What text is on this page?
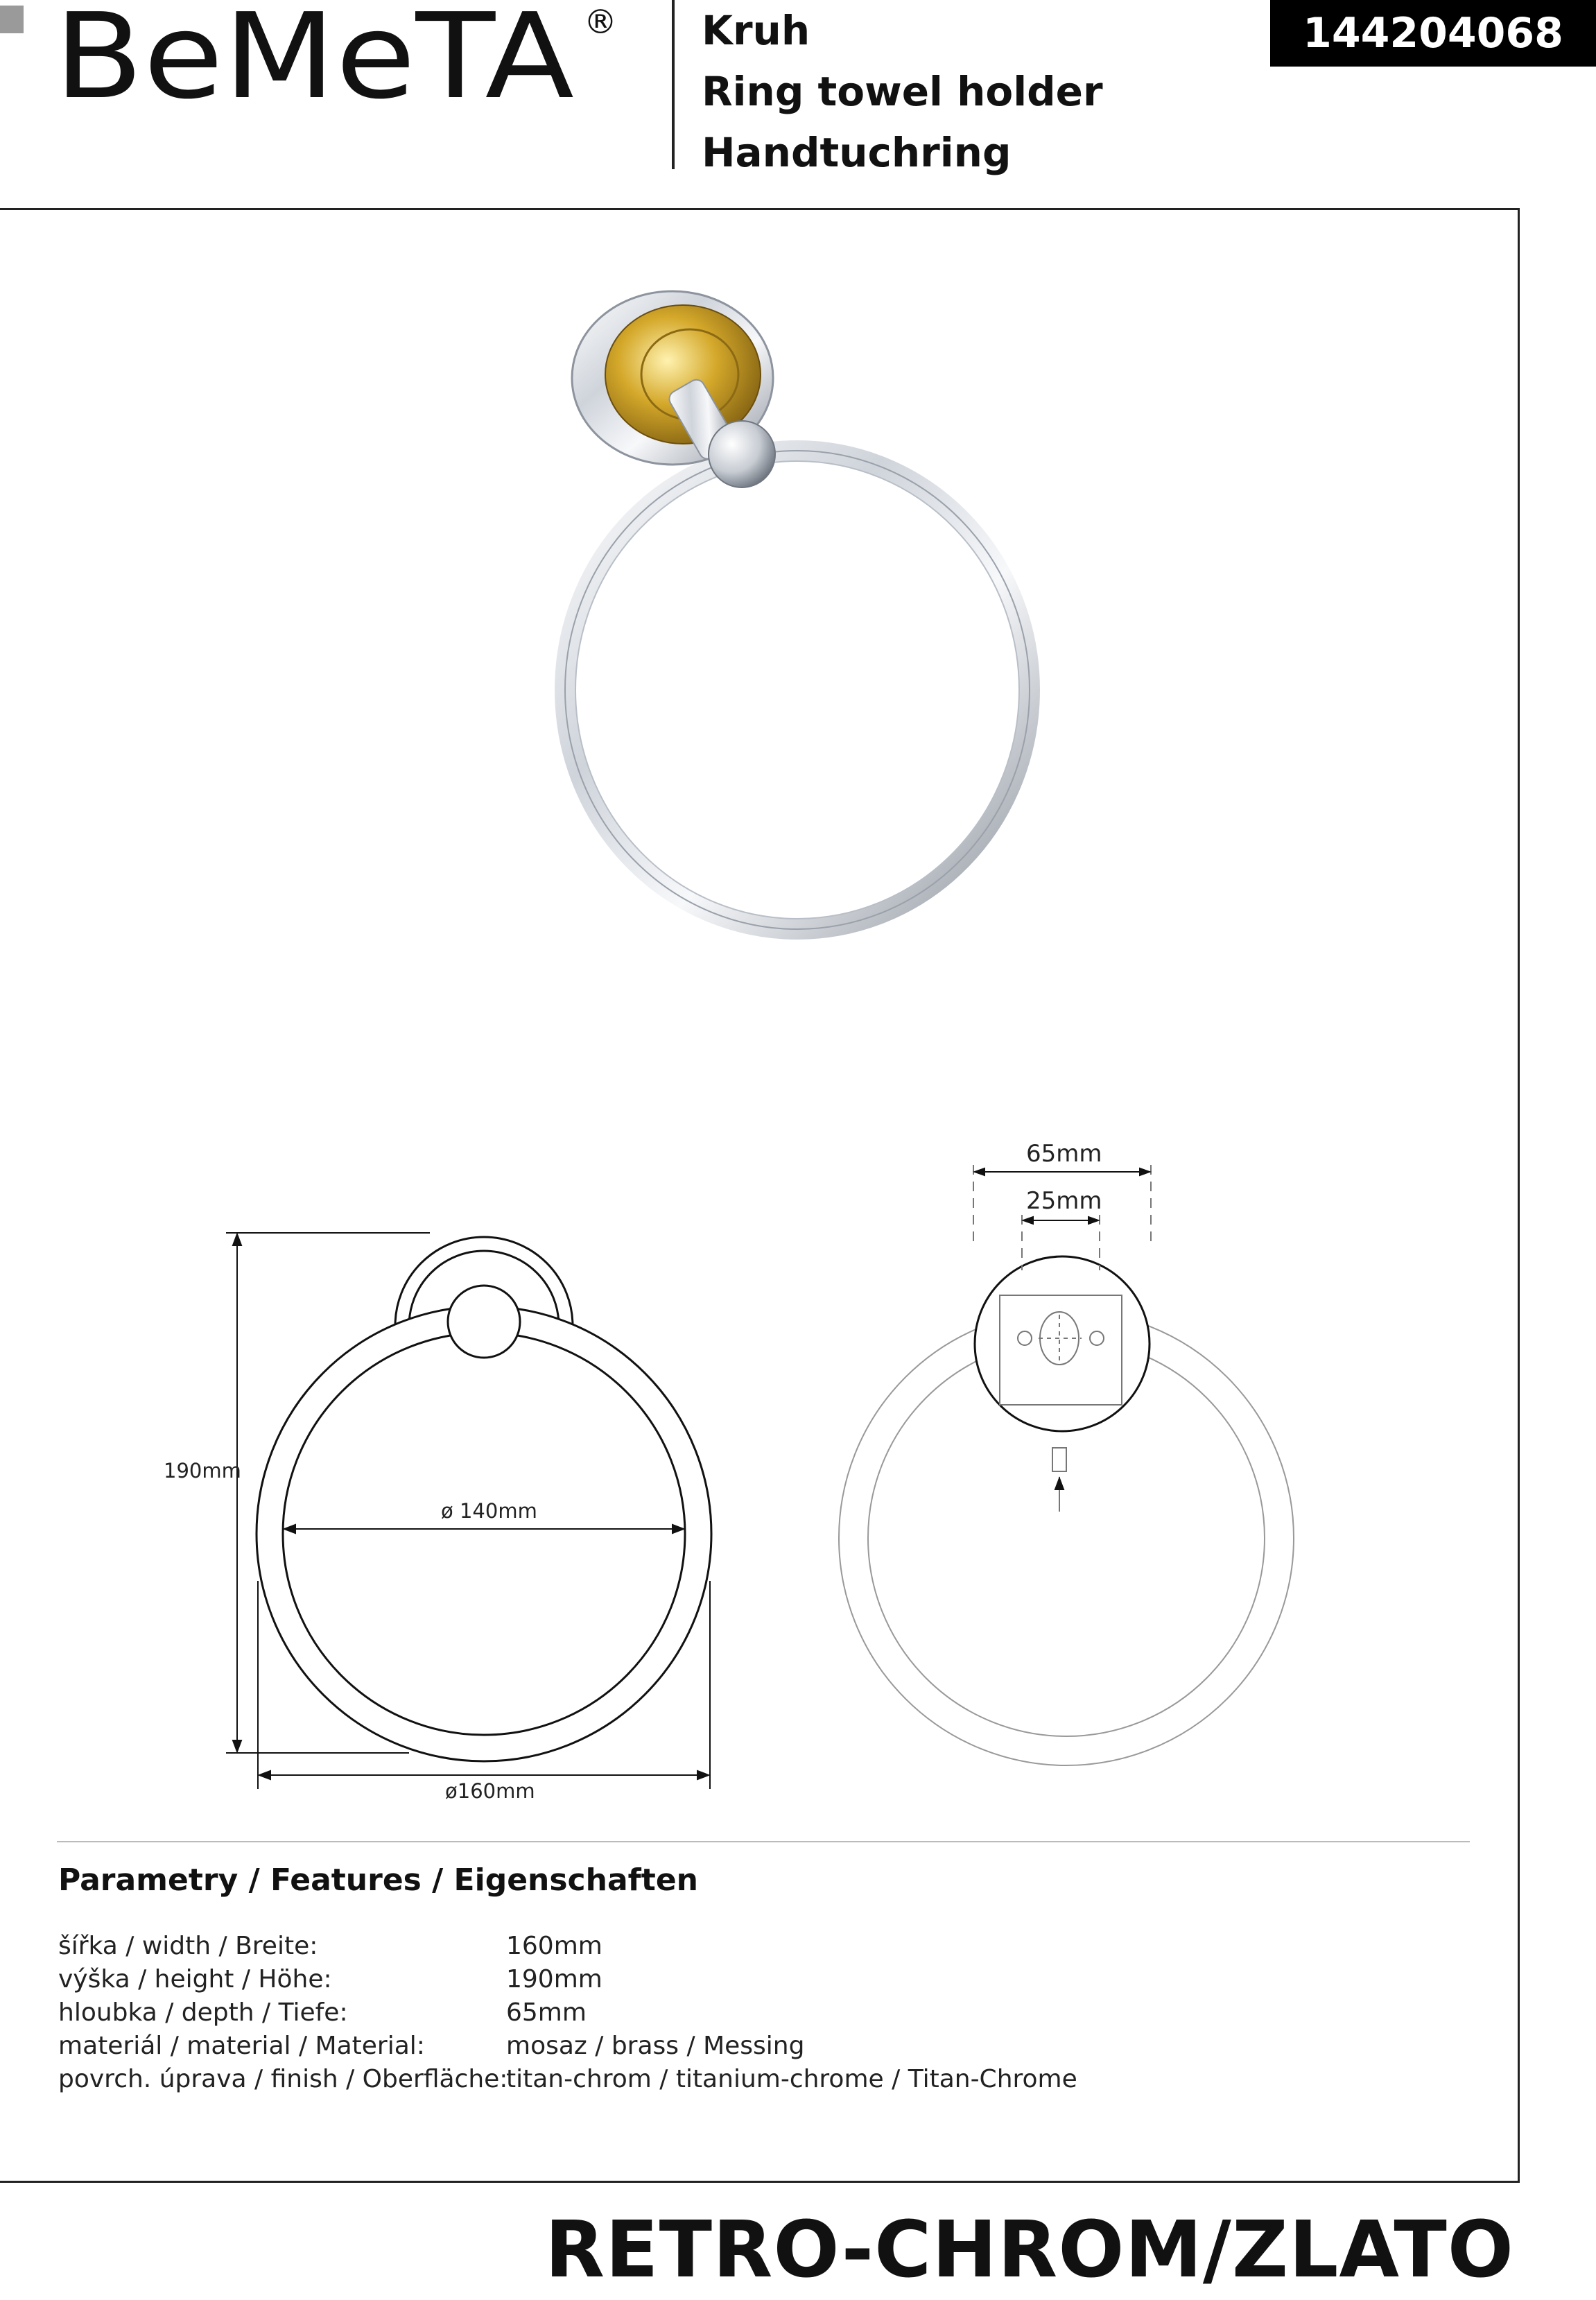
BeMeTA ® Kruh
Ring towel holder
Handtuchring
144204068
190mm
ø 140mm
ø160mm
65mm
25mm
Parametry / Features / Eigenschaften
šířka / width / Breite:	160mm
výška / height / Höhe:	190mm
hloubka / depth / Tiefe:	65mm
materiál / material / Material:	mosaz / brass / Messing
povrch. úprava / finish / Oberfläche:
titan-chrom / titanium-chrome / Titan-Chrome
RETRO-CHROM/ZLATO
